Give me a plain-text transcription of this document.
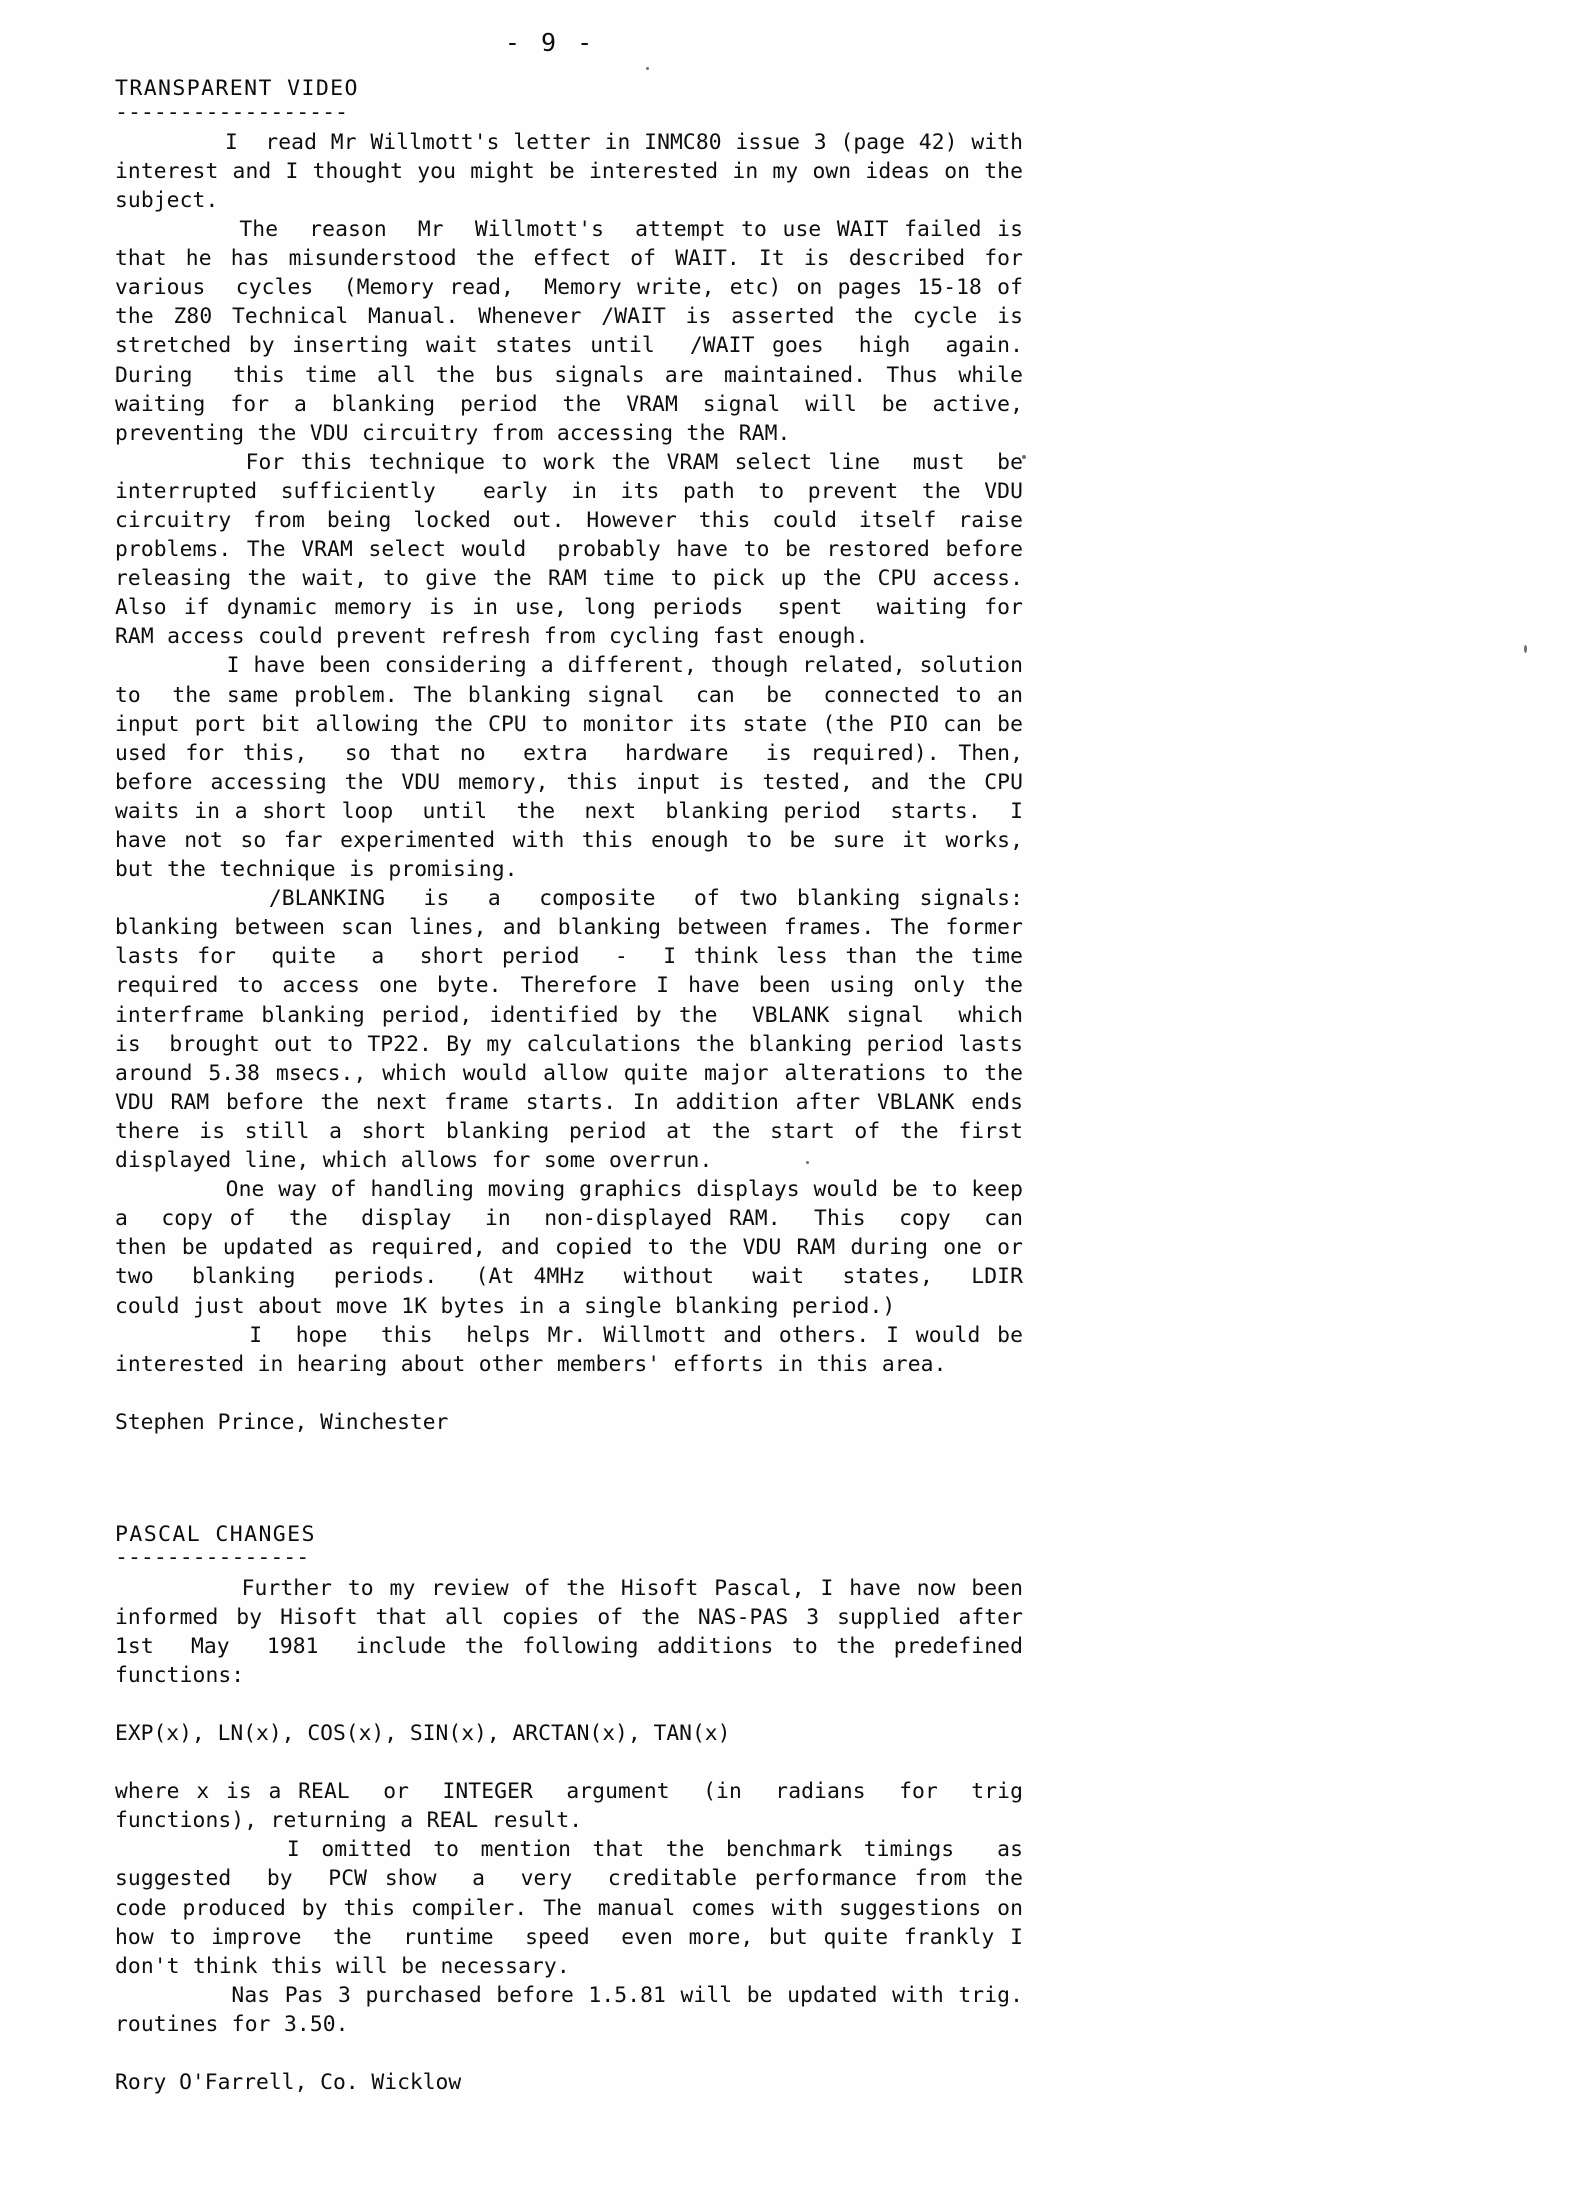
- 9 -
TRANSPARENT VIDEO
------------------

I  read Mr Willmott's letter in INMC80 issue 3 (page 42) with interest and I thought you might be interested in my own ideas on the subject.

The  reason  Mr  Willmott's  attempt to use WAIT failed is that he has misunderstood the effect of WAIT. It is described for various  cycles  (Memory read,  Memory write, etc) on pages 15-18 of the Z80 Technical Manual. Whenever /WAIT is asserted the cycle is stretched by inserting wait states until  /WAIT goes  high  again.  During  this time all the bus signals are maintained. Thus while waiting for a blanking period the VRAM signal will be active, preventing the VDU circuitry from accessing the RAM.

For this technique to work the VRAM select line  must  be  interrupted sufficiently  early in its path to prevent the VDU circuitry from being locked out. However this could itself raise problems. The VRAM select would  probably have to be restored before releasing the wait, to give the RAM time to pick up the CPU access. Also if dynamic memory is in use, long periods  spent  waiting for RAM access could prevent refresh from cycling fast enough.

I have been considering a different, though related, solution  to  the same problem. The blanking signal  can  be  connected to an input port bit allowing the CPU to monitor its state (the PIO can be used for this,  so that no  extra  hardware  is required). Then, before accessing the VDU memory, this input is tested, and the CPU waits in a short loop  until  the  next  blanking period  starts.  I have not so far experimented with this enough to be sure it works, but the technique is promising.

/BLANKING  is  a  composite  of two blanking signals: blanking between scan lines, and blanking between frames. The former lasts for  quite  a  short period  -  I think less than the time required to access one byte. Therefore I have been using only the interframe blanking period, identified by the  VBLANK signal  which  is  brought out to TP22. By my calculations the blanking period lasts around 5.38 msecs., which would allow quite major alterations to the VDU RAM before the next frame starts. In addition after VBLANK ends there is still a short blanking period at the start of the first displayed line, which allows for some overrun.

One way of handling moving graphics displays would be to keep  a  copy of  the  display  in  non-displayed RAM.  This  copy  can  then be updated as required, and copied to the VDU RAM during one or two  blanking  periods.  (At 4MHz  without  wait  states,  LDIR  could just about move 1K bytes in a single blanking period.)

I  hope  this  helps Mr. Willmott and others. I would be interested in hearing about other members' efforts in this area.

Stephen Prince, Winchester
PASCAL CHANGES
---------------

Further to my review of the Hisoft Pascal, I have now been informed by Hisoft that all copies of the NAS-PAS 3 supplied after 1st  May  1981  include the following additions to the predefined functions:

EXP(x), LN(x), COS(x), SIN(x), ARCTAN(x), TAN(x)

where x is a REAL  or  INTEGER  argument  (in  radians  for  trig  functions), returning a REAL result.

I omitted to mention that the benchmark timings  as  suggested  by  PCW show  a  very  creditable performance from the code produced by this compiler. The manual comes with suggestions on how to improve  the  runtime  speed  even more, but quite frankly I don't think this will be necessary.

Nas Pas 3 purchased before 1.5.81 will be updated with trig.  routines for 3.50.

Rory O'Farrell, Co. Wicklow
